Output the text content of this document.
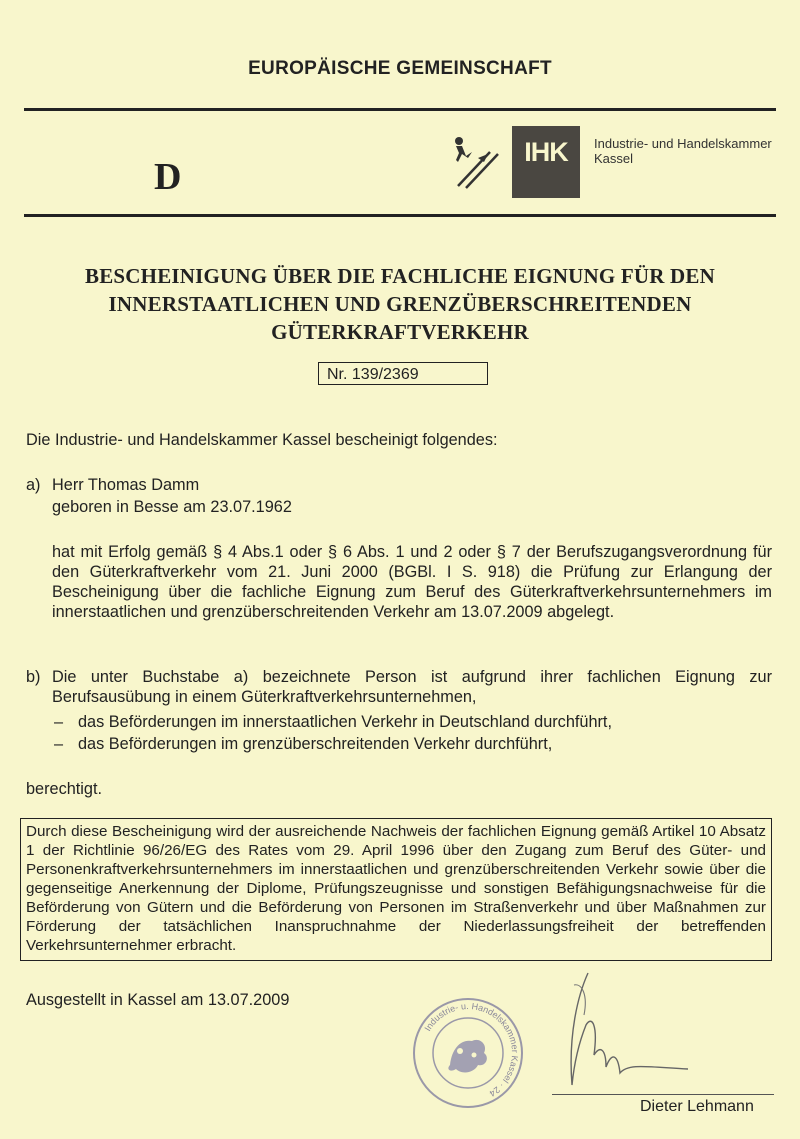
EUROPÄISCHE GEMEINSCHAFT
D
IHK	Industrie- und Handelskammer
Kassel
BESCHEINIGUNG ÜBER DIE FACHLICHE EIGNUNG FÜR DEN
INNERSTAATLICHEN UND GRENZÜBERSCHREITENDEN
GÜTERKRAFTVERKEHR
Nr. 139/2369
Die Industrie- und Handelskammer Kassel bescheinigt folgendes:
a) Herr Thomas Damm
geboren in Besse am 23.07.1962
hat mit Erfolg gemäß § 4 Abs.1 oder § 6 Abs. 1 und 2 oder § 7 der Berufszugangsverordnung für den Güterkraftverkehr vom 21. Juni 2000 (BGBl. I S. 918) die Prüfung zur Erlangung der Bescheinigung über die fachliche Eignung zum Beruf des Güterkraftverkehrsunternehmers im innerstaatlichen und grenzüberschreitenden Verkehr am 13.07.2009 abgelegt.
b) Die unter Buchstabe a) bezeichnete Person ist aufgrund ihrer fachlichen Eignung zur Berufsausübung in einem Güterkraftverkehrsunternehmen,
– das Beförderungen im innerstaatlichen Verkehr in Deutschland durchführt,
– das Beförderungen im grenzüberschreitenden Verkehr durchführt,
berechtigt.
Durch diese Bescheinigung wird der ausreichende Nachweis der fachlichen Eignung gemäß Artikel 10 Absatz 1 der Richtlinie 96/26/EG des Rates vom 29. April 1996 über den Zugang zum Beruf des Güter- und Personenkraftverkehrsunternehmers im innerstaatlichen und grenzüberschreitenden Verkehr sowie über die gegenseitige Anerkennung der Diplome, Prüfungszeugnisse und sonstigen Befähigungsnachweise für die Beförderung von Gütern und die Beförderung von Personen im Straßenverkehr und über Maßnahmen zur Förderung der tatsächlichen Inanspruchnahme der Niederlassungsfreiheit der betreffenden Verkehrsunternehmer erbracht.
Ausgestellt in Kassel am 13.07.2009
Industrie- u. Handelskammer Kassel · 24
Dieter Lehmann
